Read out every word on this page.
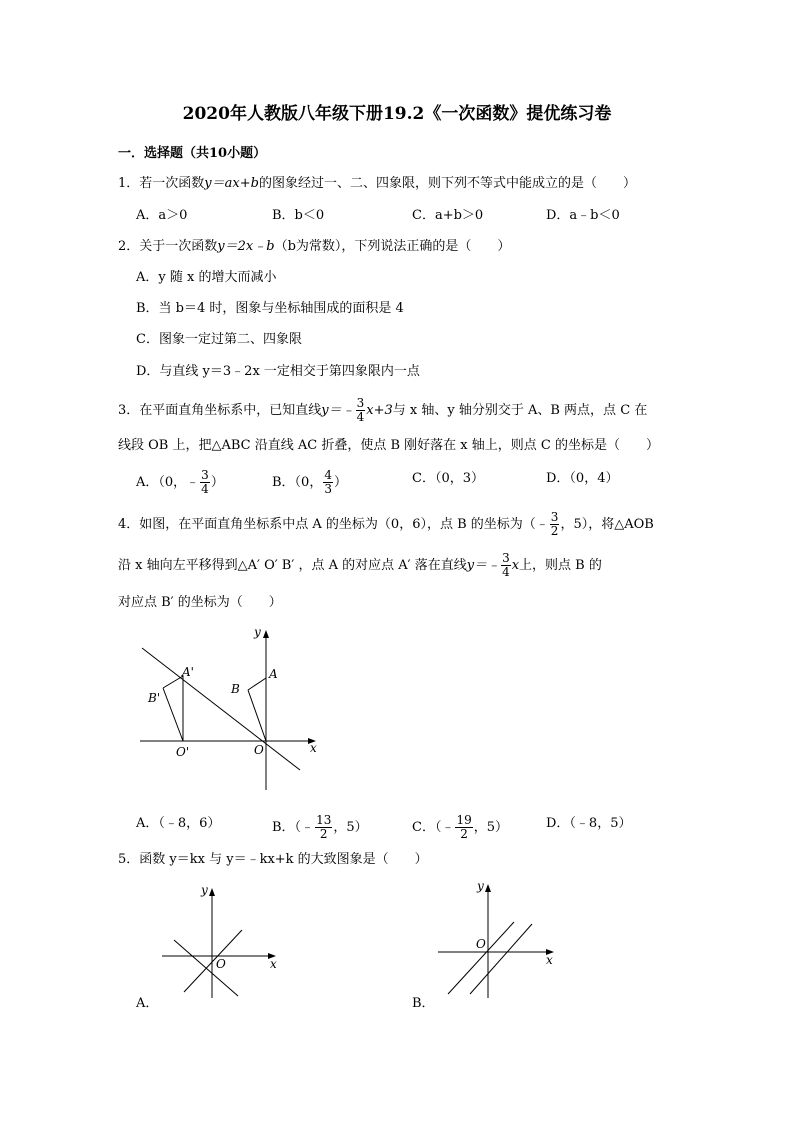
2020年人教版八年级下册19.2《一次函数》提优练习卷
一．选择题（共10小题）
1．若一次函数y＝ax+b的图象经过一、二、四象限，则下列不等式中能成立的是（　　）
A．a＞0	B．b＜0	C．a+b＞0	D．a﹣b＜0
2．关于一次函数y＝2x﹣b（b为常数），下列说法正确的是（　　）
A．y 随 x 的增大而减小
B．当 b＝4 时，图象与坐标轴围成的面积是 4
C．图象一定过第二、四象限
D．与直线 y＝3﹣2x 一定相交于第四象限内一点
3．在平面直角坐标系中，已知直线y＝﹣ $\frac{3}{4} x+3$与 x 轴、y 轴分别交于 A、B 两点，点 C 在
线段 OB 上，把△ABC 沿直线 AC 折叠，使点 B 刚好落在 x 轴上，则点 C 的坐标是（　　）
A．（0，﹣ $\frac{3}{4}$ ）	B．（0， $\frac{4}{3}$ ）	C．（0，3）	D．（0，4）
4．如图，在平面直角坐标系中点 A 的坐标为（0，6），点 B 的坐标为（﹣ $\frac{3}{2}$ ，5），将△AOB
沿 x 轴向左平移得到△A′ O′ B′ ，点 A 的对应点 A′ 落在直线y＝﹣ $\frac{3}{4}$ x上，则点 B 的
对应点 B′ 的坐标为（　　）
y
x
A'
B'
O'	O
A
B
A．（﹣8，6）	B．（﹣ $\frac{13}{2}$ ，5）	C．（﹣ $\frac{19}{2}$ ，5）	D．（﹣8，5）
5．函数 y＝kx 与 y＝﹣kx+k 的大致图象是（　　）
y
x
O
A．
y
x
O
B．
